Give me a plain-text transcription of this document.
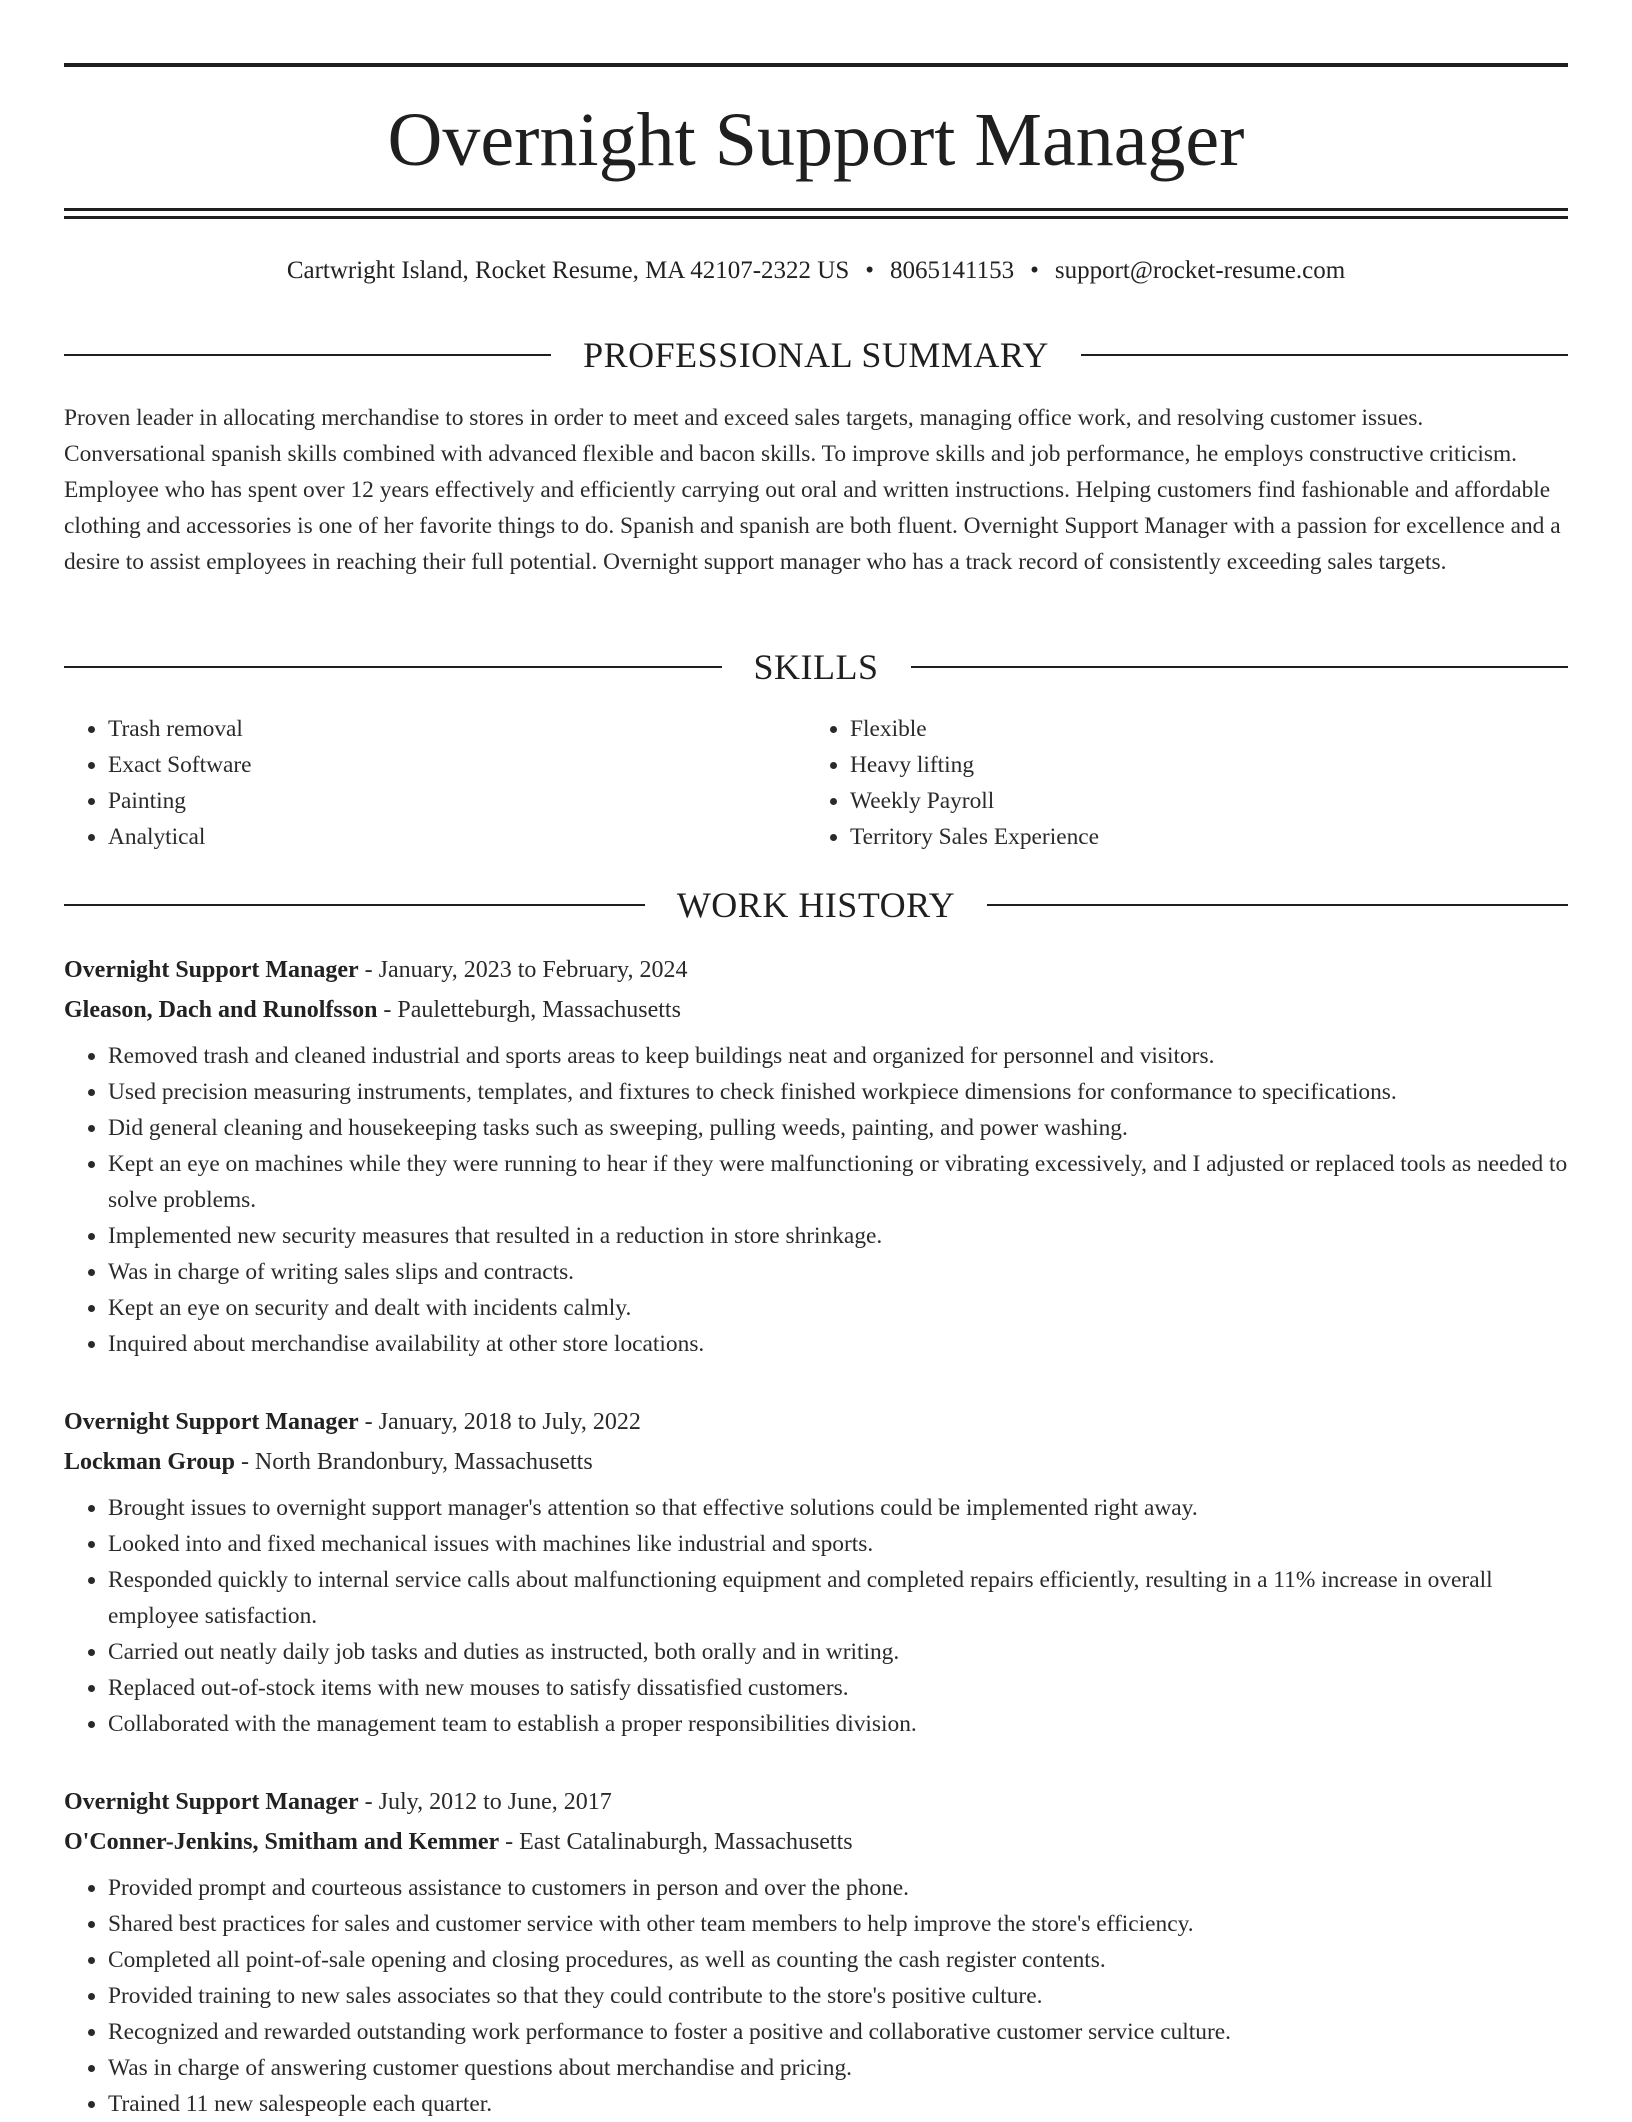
Overnight Support Manager
Cartwright Island, Rocket Resume, MA 42107-2322 US • 8065141153 • support@rocket-resume.com
PROFESSIONAL SUMMARY

Proven leader in allocating merchandise to stores in order to meet and exceed sales targets, managing office work, and resolving customer issues. Conversational spanish skills combined with advanced flexible and bacon skills. To improve skills and job performance, he employs constructive criticism. Employee who has spent over 12 years effectively and efficiently carrying out oral and written instructions. Helping customers find fashionable and affordable clothing and accessories is one of her favorite things to do. Spanish and spanish are both fluent. Overnight Support Manager with a passion for excellence and a desire to assist employees in reaching their full potential. Overnight support manager who has a track record of consistently exceeding sales targets.

SKILLS
• Trash removal
• Exact Software
• Painting
• Analytical
• Flexible
• Heavy lifting
• Weekly Payroll
• Territory Sales Experience
WORK HISTORY
Overnight Support Manager - January, 2023 to February, 2024
Gleason, Dach and Runolfsson - Pauletteburgh, Massachusetts
• Removed trash and cleaned industrial and sports areas to keep buildings neat and organized for personnel and visitors.
• Used precision measuring instruments, templates, and fixtures to check finished workpiece dimensions for conformance to specifications.
• Did general cleaning and housekeeping tasks such as sweeping, pulling weeds, painting, and power washing.
• Kept an eye on machines while they were running to hear if they were malfunctioning or vibrating excessively, and I adjusted or replaced tools as needed to solve problems.
• Implemented new security measures that resulted in a reduction in store shrinkage.
• Was in charge of writing sales slips and contracts.
• Kept an eye on security and dealt with incidents calmly.
• Inquired about merchandise availability at other store locations.
Overnight Support Manager - January, 2018 to July, 2022
Lockman Group - North Brandonbury, Massachusetts
• Brought issues to overnight support manager's attention so that effective solutions could be implemented right away.
• Looked into and fixed mechanical issues with machines like industrial and sports.
• Responded quickly to internal service calls about malfunctioning equipment and completed repairs efficiently, resulting in a 11% increase in overall employee satisfaction.
• Carried out neatly daily job tasks and duties as instructed, both orally and in writing.
• Replaced out-of-stock items with new mouses to satisfy dissatisfied customers.
• Collaborated with the management team to establish a proper responsibilities division.
Overnight Support Manager - July, 2012 to June, 2017
O'Conner-Jenkins, Smitham and Kemmer - East Catalinaburgh, Massachusetts
• Provided prompt and courteous assistance to customers in person and over the phone.
• Shared best practices for sales and customer service with other team members to help improve the store's efficiency.
• Completed all point-of-sale opening and closing procedures, as well as counting the cash register contents.
• Provided training to new sales associates so that they could contribute to the store's positive culture.
• Recognized and rewarded outstanding work performance to foster a positive and collaborative customer service culture.
• Was in charge of answering customer questions about merchandise and pricing.
• Trained 11 new salespeople each quarter.
